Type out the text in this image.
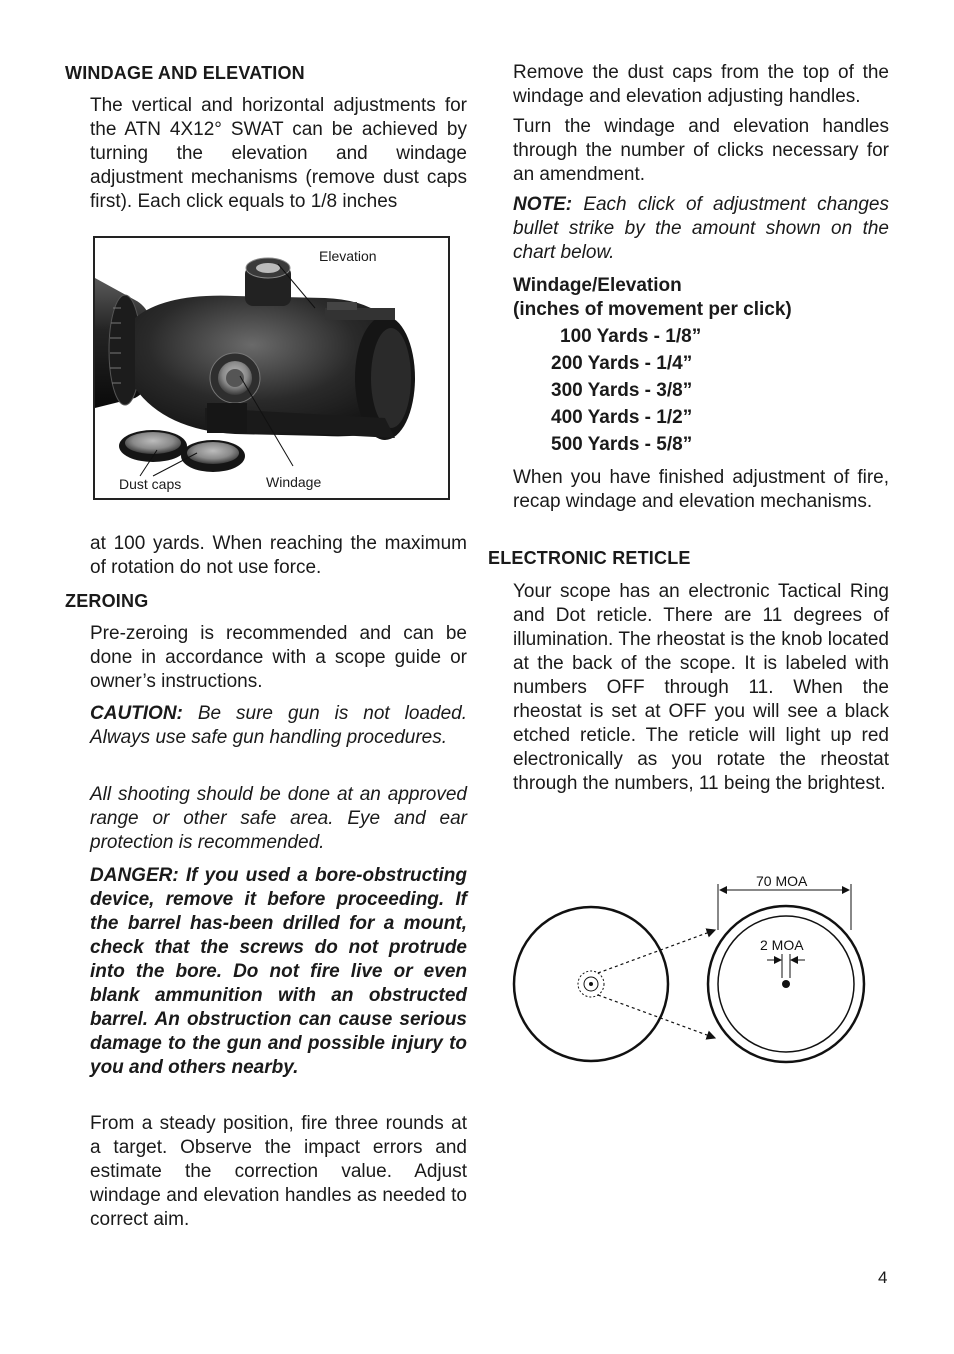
WINDAGE AND ELEVATION
The vertical and horizontal adjustments for the ATN 4X12° SWAT can be achieved by turning the elevation and windage adjustment mechanisms (remove dust caps first). Each click equals to 1/8 inches
Elevation
Dust caps	Windage
at 100 yards. When reaching the maximum of rotation do not use force.
ZEROING
Pre-zeroing is recommended and can be done in accordance with a scope guide or owner’s instructions.
CAUTION: Be sure gun is not loaded. Always use safe gun handling procedures.
All shooting should be done at an approved range or other safe area. Eye and ear protection is recommended.
DANGER: If you used a bore-obstructing device, remove it before proceeding. If the barrel has-been drilled for a mount, check that the screws do not protrude into the bore. Do not fire live or even blank ammunition with an obstructed barrel. An obstruction can cause serious damage to the gun and possible injury to you and others nearby.
From a steady position, fire three rounds at a target. Observe the impact errors and estimate the correction value. Adjust windage and elevation handles as needed to correct aim.
Remove the dust caps from the top of the windage and elevation adjusting handles.
Turn the windage and elevation handles through the number of clicks necessary for an amendment.
NOTE: Each click of adjustment changes bullet strike by the amount shown on the chart below.
Windage/Elevation
(inches of movement per click)
100 Yards - 1/8”
200 Yards - 1/4”
300 Yards - 3/8”
400 Yards - 1/2”
500 Yards - 5/8”
When you have finished adjustment of fire, recap windage and elevation mechanisms.
ELECTRONIC RETICLE
Your scope has an electronic Tactical Ring and Dot reticle. There are 11 degrees of illumination. The rheostat is the knob located at the back of the scope. It is labeled with numbers OFF through 11. When the rheostat is set at OFF you will see a black etched reticle. The reticle will light up red electronically as you rotate the rheostat through the numbers, 11 being the brightest.
70 MOA
2 MOA
4
